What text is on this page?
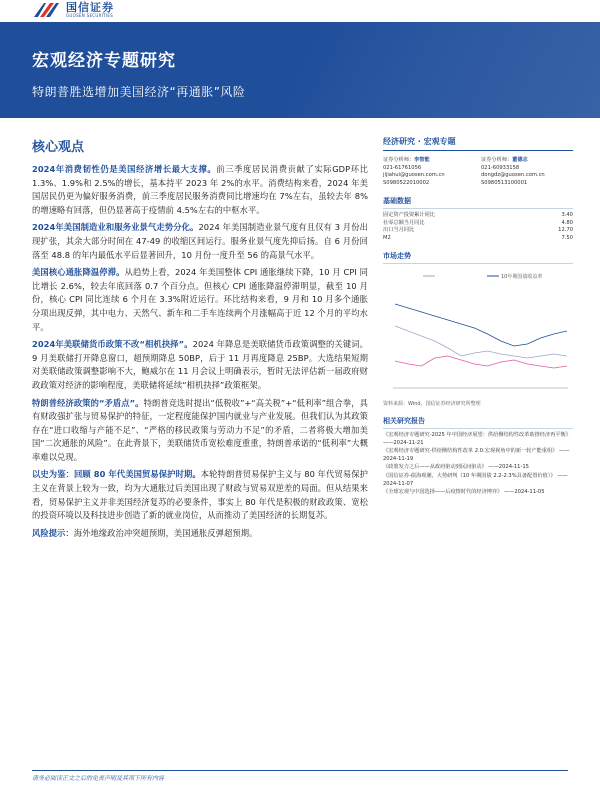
国信证券
GUOSEN SECURITIES
宏观经济专题研究
特朗普胜选增加美国经济“再通胀”风险
核心观点

2024年消费韧性仍是美国经济增长最大支撑。前三季度居民消费贡献了实际GDP环比 1.3%、1.9%和 2.5%的增长，基本持平 2023 年 2%的水平。消费结构来看，2024 年美国居民仍更为偏好服务消费，前三季度居民服务消费同比增速均在 7%左右，虽较去年 8%的增速略有回落，但仍显著高于疫情前 4.5%左右的中枢水平。

2024年美国制造业和服务业景气走势分化。2024 年美国制造业景气度有且仅有 3 月份出现扩张，其余大部分时间在 47-49 的收缩区间运行。服务业景气度先抑后扬。自 6 月份回落至 48.8 的年内最低水平后显著回升，10 月份一度升至 56 的高景气水平。

美国核心通胀降温停滞。从趋势上看，2024 年美国整体 CPI 通胀继续下降，10 月 CPI 同比增长 2.6%，较去年底回落 0.7 个百分点。但核心 CPI 通胀降温停滞明显，截至 10 月份，核心 CPI 同比连续 6 个月在 3.3%附近运行。环比结构来看，9 月和 10 月多个通胀分项出现反弹，其中电力、天然气、新车和二手车连续两个月涨幅高于近 12 个月的平均水平。

2024年美联储货币政策不改“相机抉择”。2024 年降息是美联储货币政策调整的关键词。9 月美联储打开降息窗口，超预期降息 50BP，后于 11 月再度降息 25BP。大选结果短期对美联储政策调整影响不大，鲍威尔在 11 月会议上明确表示，暂时无法评估新一届政府财政政策对经济的影响程度，美联储将延续“相机抉择”政策框架。

特朗普经济政策的“矛盾点”。特朗普竞选时提出“低税收”+“高关税”+“低利率”组合拳，具有财政强扩张与贸易保护的特征，一定程度能保护国内就业与产业发展。但我们认为其政策存在“进口收缩与产能不足”、“严格的移民政策与劳动力不足”的矛盾，二者将极大增加美国“二次通胀的风险”。在此背景下，美联储货币宽松难度重重，特朗普承诺的“低利率”大概率难以兑现。

以史为鉴：回顾 80 年代美国贸易保护时期。本轮特朗普贸易保护主义与 80 年代贸易保护主义在背景上较为一致，均为大通胀过后美国出现了财政与贸易双逆差的局面。但从结果来看，贸易保护主义并非美国经济复苏的必要条件，事实上 80 年代是积极的财政政策、宽松的投资环境以及科技进步创造了新的就业岗位，从而推动了美国经济的长期复苏。

风险提示：海外地缘政治冲突超预期，美国通胀反弹超预期。

经济研究 · 宏观专题
证券分析师：李智能
021-61761056
jijiahui@guosen.com.cn
S0980522010002
证券分析师：董德志
021-60933158
dongdz@guosen.com.cn
S0980513100001
基础数据
固定资产投资累计同比	3.40
社零总额当月同比	4.80
出口当月同比	12.70
M2	7.50
市场走势
10年期国债收益率
资料来源：Wind、国信证券经济研究所整理
相关研究报告
《宏观经济专题研究-2025 年中国经济展望：供给侧结构性改革助推经济再平衡》 ——2024-11-21
《宏观经济专题研究-供给侧结构性改革 2.0:宏观视角中的新一轮产能重组》 ——2024-11-19
《政策发力之后——从政府驱动到民间驱动》 ——2024-11-15
《国信证券-债海观潮，大势研判（10 年期国债 2.2-2.3%具备配置价值）》 ——2024-11-07
《全球宏观与中国选择——后疫情时代的经济博弈》 ——2024-11-05
请务必阅读正文之后的免责声明及其项下所有内容
